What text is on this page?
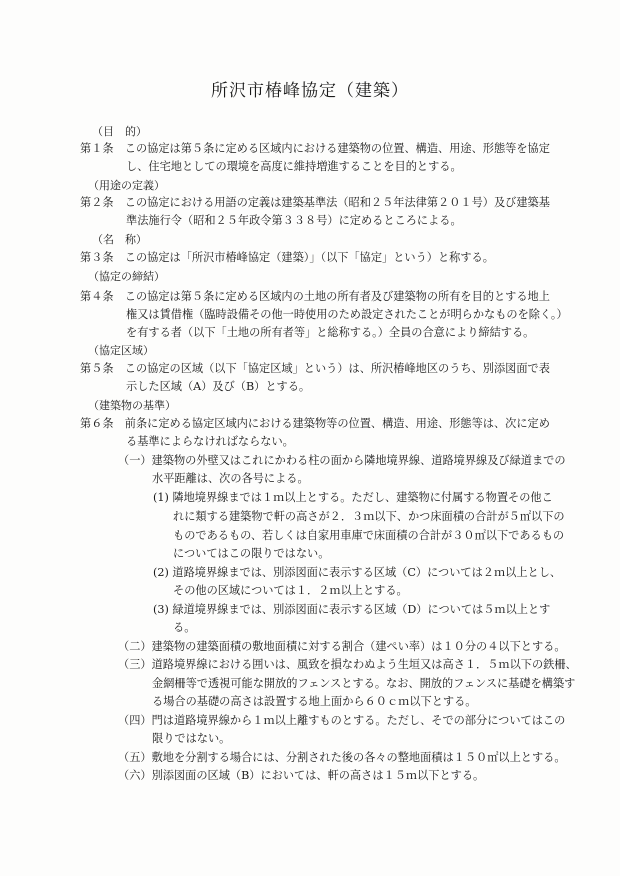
所沢市椿峰協定（建築）
（目　的）
第１条　この協定は第５条に定める区域内における建築物の位置、構造、用途、形態等を協定
し、住宅地としての環境を高度に維持増進することを目的とする。
（用途の定義）
第２条　この協定における用語の定義は建築基準法（昭和２５年法律第２０１号）及び建築基
準法施行令（昭和２５年政令第３３８号）に定めるところによる。
（名　称）
第３条　この協定は「所沢市椿峰協定（建築）」（以下「協定」という）と称する。
（協定の締結）
第４条　この協定は第５条に定める区域内の土地の所有者及び建築物の所有を目的とする地上
権又は賃借権（臨時設備その他一時使用のため設定されたことが明らかなものを除く。）
を有する者（以下「土地の所有者等」と総称する。）全員の合意により締結する。
（協定区域）
第５条　この協定の区域（以下「協定区域」という）は、所沢椿峰地区のうち、別添図面で表
示した区域（A）及び（B）とする。
（建築物の基準）
第６条　前条に定める協定区域内における建築物等の位置、構造、用途、形態等は、次に定め
る基準によらなければならない。
（一）建築物の外壁又はこれにかわる柱の面から隣地境界線、道路境界線及び緑道までの
水平距離は、次の各号による。
(1) 隣地境界線までは１ｍ以上とする。ただし、建築物に付属する物置その他こ
れに類する建築物で軒の高さが２．３ｍ以下、かつ床面積の合計が５㎡以下の
ものであるもの、若しくは自家用車庫で床面積の合計が３０㎡以下であるもの
についてはこの限りではない。
(2) 道路境界線までは、別添図面に表示する区域（C）については２ｍ以上とし、
その他の区域については１．２ｍ以上とする。
(3) 緑道境界線までは、別添図面に表示する区域（D）については５ｍ以上とす
る。
（二）建築物の建築面積の敷地面積に対する割合（建ぺい率）は１０分の４以下とする。
（三）道路境界線における囲いは、風致を損なわぬよう生垣又は高さ１．５ｍ以下の鉄柵、
金網柵等で透視可能な開放的フェンスとする。なお、開放的フェンスに基礎を構築す
る場合の基礎の高さは設置する地上面から６０ｃｍ以下とする。
（四）門は道路境界線から１ｍ以上離すものとする。ただし、そでの部分についてはこの
限りではない。
（五）敷地を分割する場合には、分割された後の各々の整地面積は１５０㎡以上とする。
（六）別添図面の区域（B）においては、軒の高さは１５ｍ以下とする。
